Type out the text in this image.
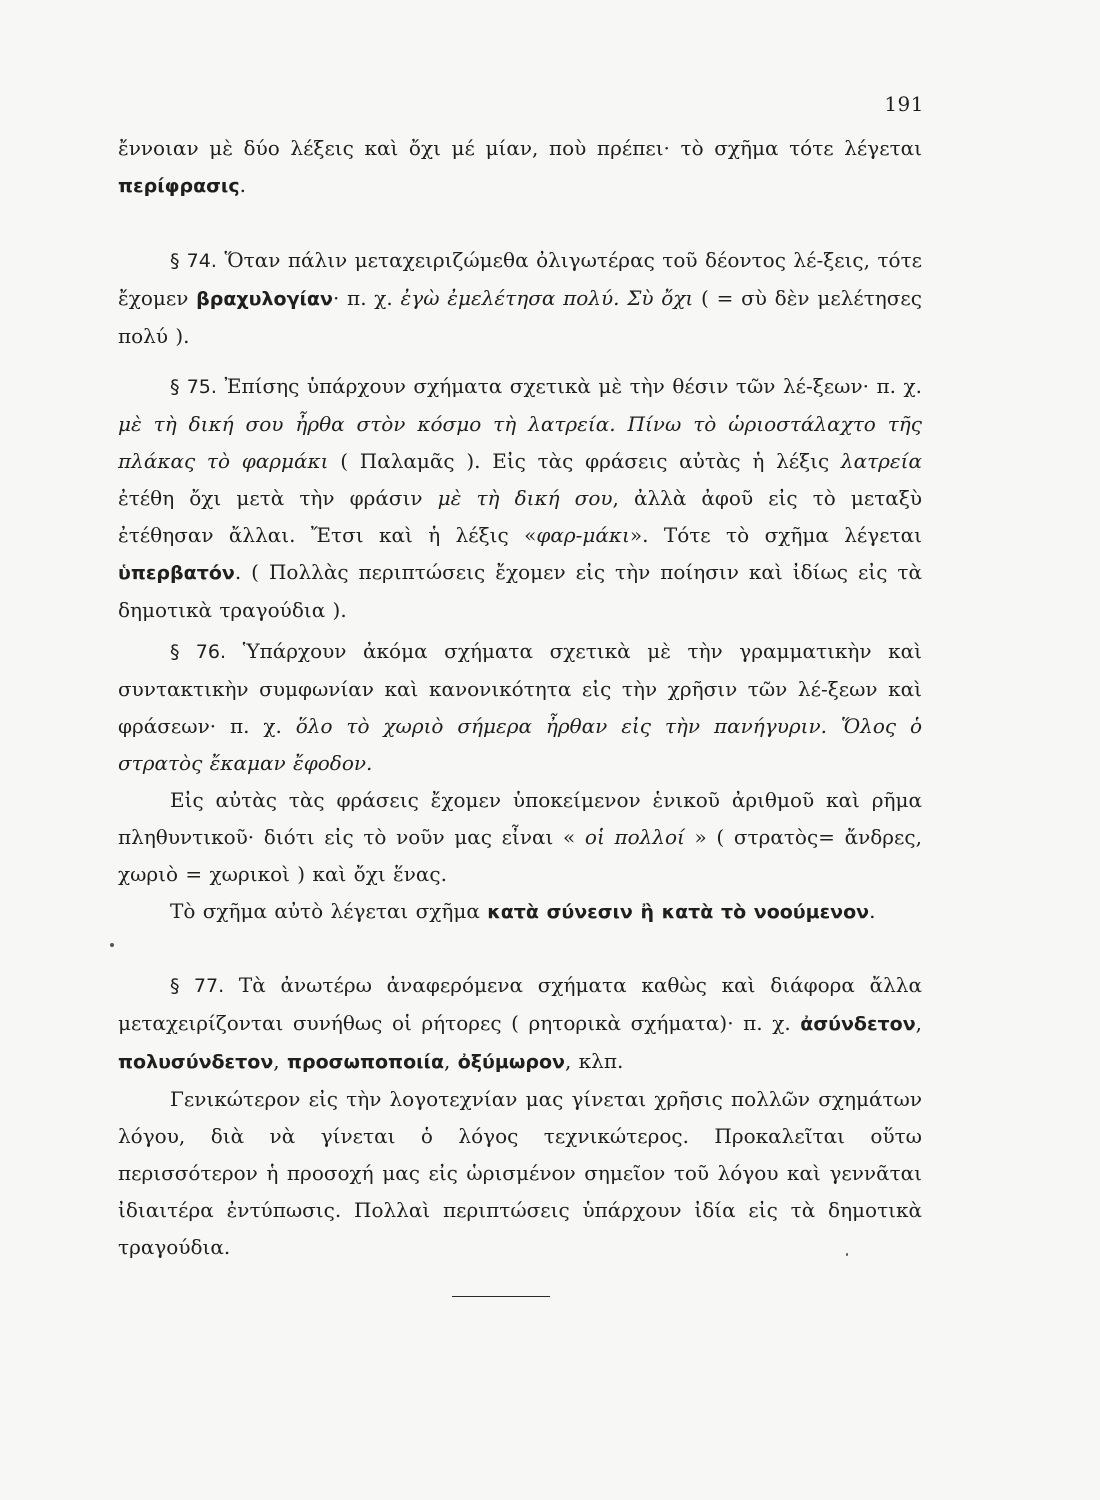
191

ἔννοιαν μὲ δύο λέξεις καὶ ὄχι μέ μίαν, ποὺ πρέπει· τὸ σχῆμα τότε λέγεται περίφρασις.

§ 74. Ὅταν πάλιν μεταχειριζώμεθα ὀλιγωτέρας τοῦ δέοντος λέ-ξεις, τότε ἔχομεν βραχυλογίαν· π. χ. ἐγὼ ἐμελέτησα πολύ. Σὺ ὄχι ( = σὺ δὲν μελέτησες πολύ ).

§ 75. Ἐπίσης ὑπάρχουν σχήματα σχετικὰ μὲ τὴν θέσιν τῶν λέ-ξεων· π. χ. μὲ τὴ δική σου ἦρθα στὸν κόσμο τὴ λατρεία. Πίνω τὸ ὡριοστάλαχτο τῆς πλάκας τὸ φαρμάκι ( Παλαμᾶς ). Εἰς τὰς φράσεις αὐτὰς ἡ λέξις λατρεία ἐτέθη ὄχι μετὰ τὴν φράσιν μὲ τὴ δική σου, ἀλλὰ ἀφοῦ εἰς τὸ μεταξὺ ἐτέθησαν ἄλλαι. Ἔτσι καὶ ἡ λέξις «φαρ-μάκι». Τότε τὸ σχῆμα λέγεται ὑπερβατόν. ( Πολλὰς περιπτώσεις ἔχομεν εἰς τὴν ποίησιν καὶ ἰδίως εἰς τὰ δημοτικὰ τραγούδια ).

§ 76. Ὑπάρχουν ἀκόμα σχήματα σχετικὰ μὲ τὴν γραμματικὴν καὶ συντακτικὴν συμφωνίαν καὶ κανονικότητα εἰς τὴν χρῆσιν τῶν λέ-ξεων καὶ φράσεων· π. χ. ὅλο τὸ χωριὸ σήμερα ἦρθαν εἰς τὴν πανήγυριν. Ὅλος ὁ στρατὸς ἔκαμαν ἔφοδον.

Εἰς αὐτὰς τὰς φράσεις ἔχομεν ὑποκείμενον ἑνικοῦ ἀριθμοῦ καὶ ρῆμα πληθυντικοῦ· διότι εἰς τὸ νοῦν μας εἶναι « οἱ πολλοί » ( στρατὸς= ἄνδρες, χωριὸ = χωρικοὶ ) καὶ ὄχι ἕνας.

Τὸ σχῆμα αὐτὸ λέγεται σχῆμα κατὰ σύνεσιν ἢ κατὰ τὸ νοούμενον.

§ 77. Τὰ ἀνωτέρω ἀναφερόμενα σχήματα καθὼς καὶ διάφορα ἄλλα μεταχειρίζονται συνήθως οἱ ρήτορες ( ρητορικὰ σχήματα)· π. χ. ἀσύνδετον, πολυσύνδετον, προσωποποιία, ὀξύμωρον, κλπ.

Γενικώτερον εἰς τὴν λογοτεχνίαν μας γίνεται χρῆσις πολλῶν σχημάτων λόγου, διὰ νὰ γίνεται ὁ λόγος τεχνικώτερος. Προκαλεῖται οὕτω περισσότερον ἡ προσοχή μας εἰς ὡρισμένον σημεῖον τοῦ λόγου καὶ γεννᾶται ἰδιαιτέρα ἐντύπωσις. Πολλαὶ περιπτώσεις ὑπάρχουν ἰδία εἰς τὰ δημοτικὰ τραγούδια.
